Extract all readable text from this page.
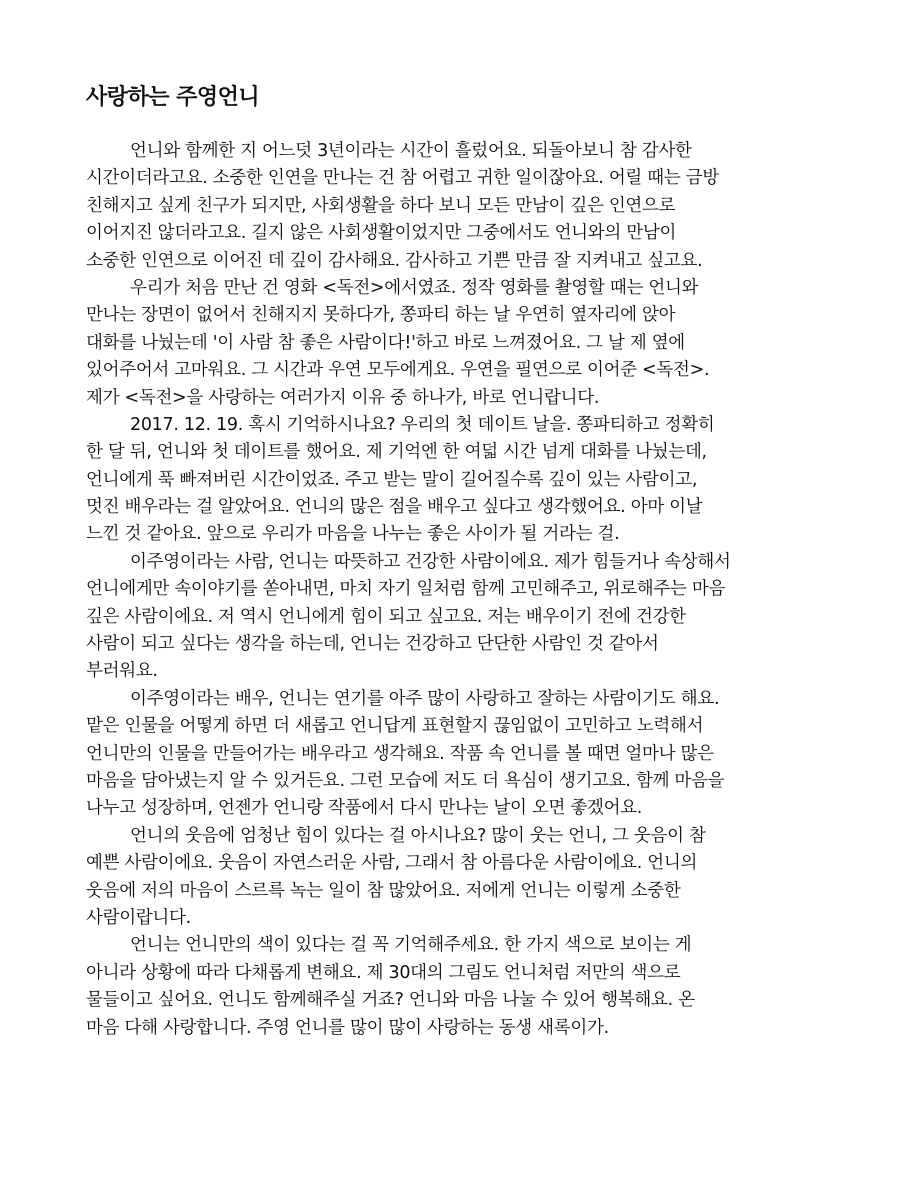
사랑하는 주영언니
언니와 함께한 지 어느덧 3년이라는 시간이 흘렀어요. 되돌아보니 참 감사한
시간이더라고요. 소중한 인연을 만나는 건 참 어렵고 귀한 일이잖아요. 어릴 때는 금방
친해지고 싶게 친구가 되지만, 사회생활을 하다 보니 모든 만남이 깊은 인연으로
이어지진 않더라고요. 길지 않은 사회생활이었지만 그중에서도 언니와의 만남이
소중한 인연으로 이어진 데 깊이 감사해요. 감사하고 기쁜 만큼 잘 지켜내고 싶고요.
우리가 처음 만난 건 영화 <독전>에서였죠. 정작 영화를 촬영할 때는 언니와
만나는 장면이 없어서 친해지지 못하다가, 쫑파티 하는 날 우연히 옆자리에 앉아
대화를 나눴는데 '이 사람 참 좋은 사람이다!'하고 바로 느껴졌어요. 그 날 제 옆에
있어주어서 고마워요. 그 시간과 우연 모두에게요. 우연을 필연으로 이어준 <독전>.
제가 <독전>을 사랑하는 여러가지 이유 중 하나가, 바로 언니랍니다.
2017. 12. 19. 혹시 기억하시나요? 우리의 첫 데이트 날을. 쫑파티하고 정확히
한 달 뒤, 언니와 첫 데이트를 했어요. 제 기억엔 한 여덟 시간 넘게 대화를 나눴는데,
언니에게 푹 빠져버린 시간이었죠. 주고 받는 말이 길어질수록 깊이 있는 사람이고,
멋진 배우라는 걸 알았어요. 언니의 많은 점을 배우고 싶다고 생각했어요. 아마 이날
느낀 것 같아요. 앞으로 우리가 마음을 나누는 좋은 사이가 될 거라는 걸.
이주영이라는 사람, 언니는 따뜻하고 건강한 사람이에요. 제가 힘들거나 속상해서
언니에게만 속이야기를 쏟아내면, 마치 자기 일처럼 함께 고민해주고, 위로해주는 마음
깊은 사람이에요. 저 역시 언니에게 힘이 되고 싶고요. 저는 배우이기 전에 건강한
사람이 되고 싶다는 생각을 하는데, 언니는 건강하고 단단한 사람인 것 같아서
부러워요.
이주영이라는 배우, 언니는 연기를 아주 많이 사랑하고 잘하는 사람이기도 해요.
맡은 인물을 어떻게 하면 더 새롭고 언니답게 표현할지 끊임없이 고민하고 노력해서
언니만의 인물을 만들어가는 배우라고 생각해요. 작품 속 언니를 볼 때면 얼마나 많은
마음을 담아냈는지 알 수 있거든요. 그런 모습에 저도 더 욕심이 생기고요. 함께 마음을
나누고 성장하며, 언젠가 언니랑 작품에서 다시 만나는 날이 오면 좋겠어요.
언니의 웃음에 엄청난 힘이 있다는 걸 아시나요? 많이 웃는 언니, 그 웃음이 참
예쁜 사람이에요. 웃음이 자연스러운 사람, 그래서 참 아름다운 사람이에요. 언니의
웃음에 저의 마음이 스르륵 녹는 일이 참 많았어요. 저에게 언니는 이렇게 소중한
사람이랍니다.
언니는 언니만의 색이 있다는 걸 꼭 기억해주세요. 한 가지 색으로 보이는 게
아니라 상황에 따라 다채롭게 변해요. 제 30대의 그림도 언니처럼 저만의 색으로
물들이고 싶어요. 언니도 함께해주실 거죠? 언니와 마음 나눌 수 있어 행복해요. 온
마음 다해 사랑합니다. 주영 언니를 많이 많이 사랑하는 동생 새록이가.
